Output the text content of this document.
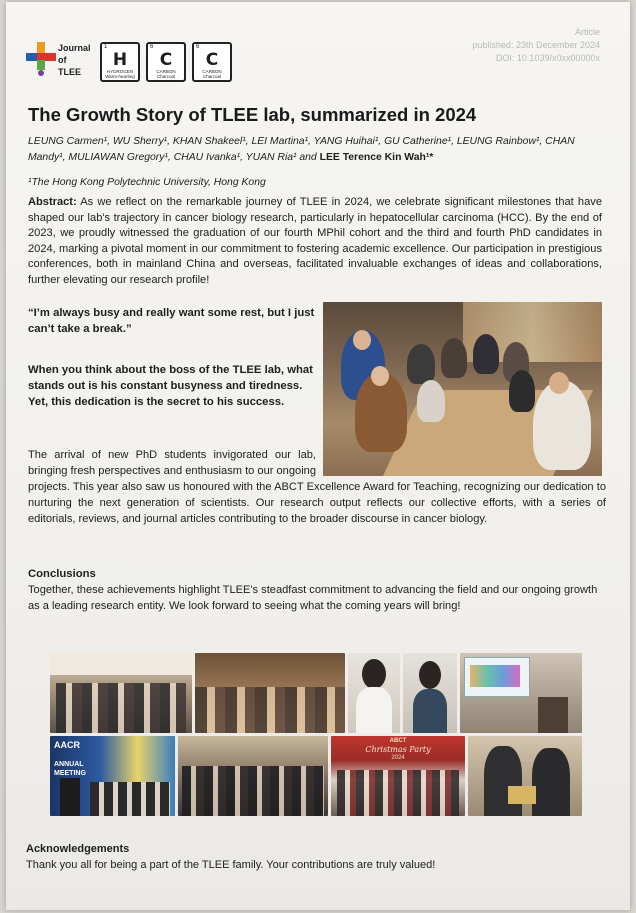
Journal
of
TLEE
1
H
HYDROGEN
Warm-hearting
6
C
CARBON
Charcoal
6
C
CARBON
Charcoal
Article
published: 23th December 2024
DOI: 10.1039/x0xx00000x
The Growth Story of TLEE lab, summarized in 2024
LEUNG Carmen¹, WU Sherry¹, KHAN Shakeel¹, LEI Martina¹, YANG Huihai¹, GU Catherine¹, LEUNG Rainbow¹, CHAN Mandy¹, MULIAWAN Gregory¹, CHAU Ivanka¹, YUAN Ria¹ and LEE Terence Kin Wah¹*
¹The Hong Kong Polytechnic University, Hong Kong
Abstract: As we reflect on the remarkable journey of TLEE in 2024, we celebrate significant milestones that have shaped our lab's trajectory in cancer biology research, particularly in hepatocellular carcinoma (HCC). By the end of 2023, we proudly witnessed the graduation of our fourth MPhil cohort and the third and fourth PhD candidates in 2024, marking a pivotal moment in our commitment to fostering academic excellence. Our participation in prestigious conferences, both in mainland China and overseas, facilitated invaluable exchanges of ideas and collaborations, further elevating our research profile!
“I’m always busy and really want some rest, but I just can’t take a break.”
When you think about the boss of the TLEE lab, what stands out is his constant busyness and tiredness. Yet, this dedication is the secret to his success.
The arrival of new PhD students invigorated our lab, bringing fresh perspectives and enthusiasm to our ongoing projects. This year also saw us honoured with the ABCT Excellence Award for Teaching, recognizing our dedication to nurturing the next generation of scientists. Our research output reflects our collective efforts, with a series of editorials, reviews, and journal articles contributing to the broader discourse in cancer biology.
Conclusions
Together, these achievements highlight TLEE's steadfast commitment to advancing the field and our ongoing growth as a leading research entity. We look forward to seeing what the coming years will bring!
AACR
ANNUAL
MEETING
ABCT
Christmas Party
2024
Acknowledgements
Thank you all for being a part of the TLEE family. Your contributions are truly valued!
